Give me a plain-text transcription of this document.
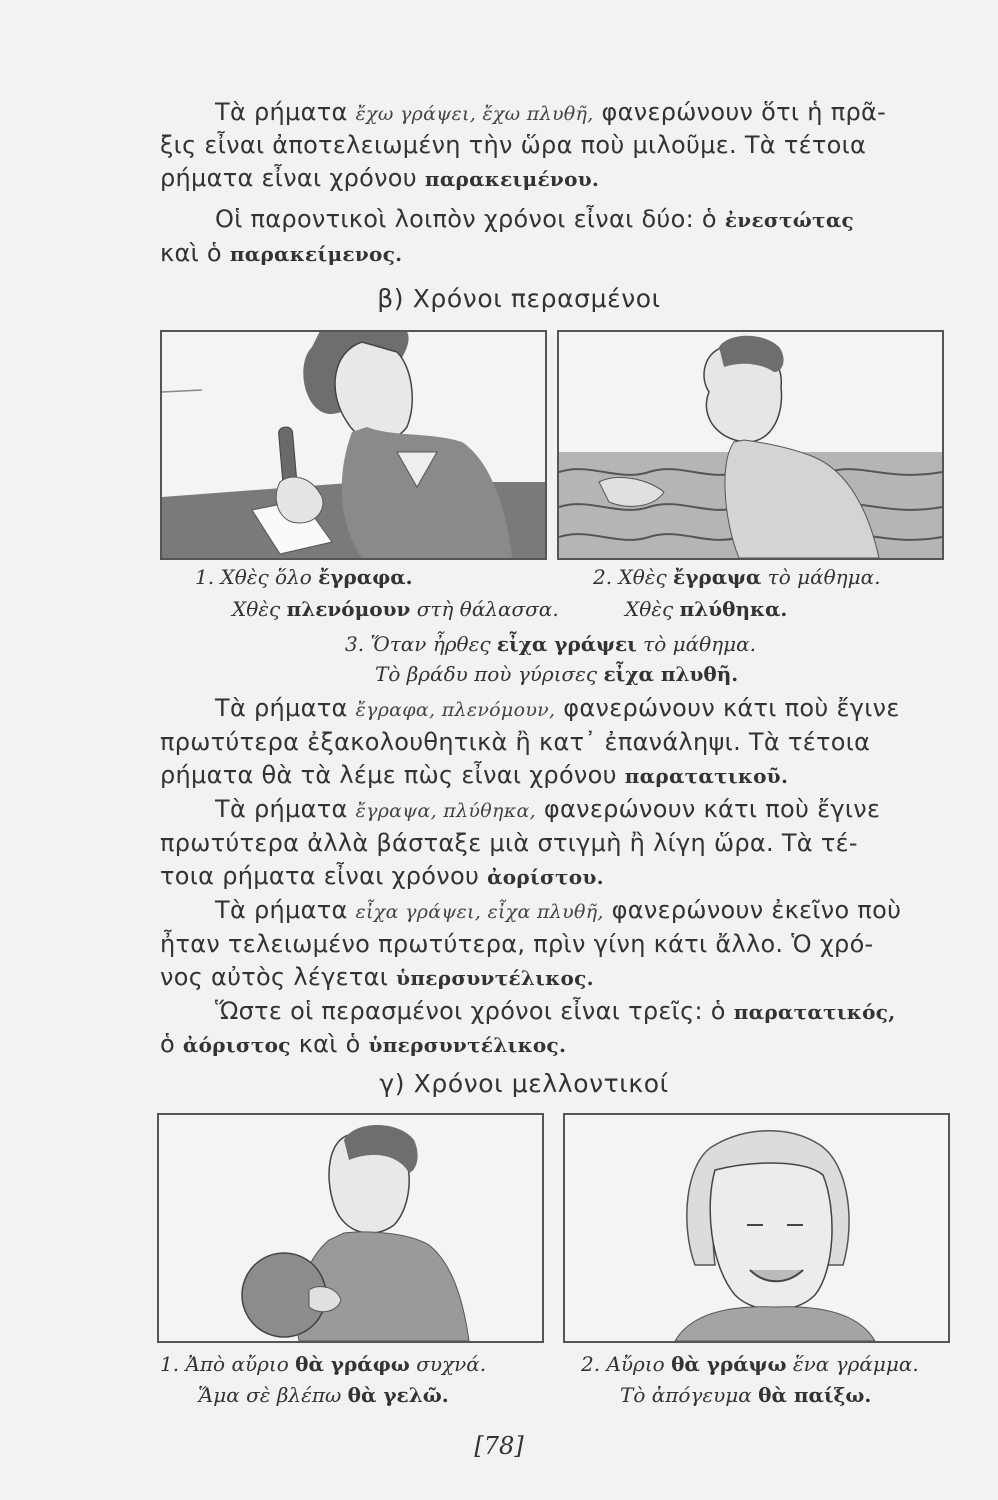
Τὰ ρήματα ἔχω γράψει, ἔχω πλυθῆ, φανερώνουν ὅτι ἡ πρᾶ-
ξις εἶναι ἀποτελειωμένη τὴν ὥρα ποὺ μιλοῦμε. Τὰ τέτοια
ρήματα εἶναι χρόνου παρακειμένου.
Οἱ παροντικοὶ λοιπὸν χρόνοι εἶναι δύο: ὁ ἐνεστώτας
καὶ ὁ παρακείμενος.
β) Χρόνοι περασμένοι
1. Χθὲς ὅλο ἔγραφα.	2. Χθὲς ἔγραψα τὸ μάθημα.
Χθὲς πλενόμουν στὴ θάλασσα.	Χθὲς πλύθηκα.
3. Ὅταν ἦρθες εἶχα γράψει τὸ μάθημα.
Τὸ βράδυ ποὺ γύρισες εἶχα πλυθῆ.
Τὰ ρήματα ἔγραφα, πλενόμουν, φανερώνουν κάτι ποὺ ἔγινε
πρωτύτερα ἐξακολουθητικὰ ἢ κατ᾿ ἐπανάληψι. Τὰ τέτοια
ρήματα θὰ τὰ λέμε πὼς εἶναι χρόνου παρατατικοῦ.
Τὰ ρήματα ἔγραψα, πλύθηκα, φανερώνουν κάτι ποὺ ἔγινε
πρωτύτερα ἀλλὰ βάσταξε μιὰ στιγμὴ ἢ λίγη ὥρα. Τὰ τέ-
τοια ρήματα εἶναι χρόνου ἀορίστου.
Τὰ ρήματα εἶχα γράψει, εἶχα πλυθῆ, φανερώνουν ἐκεῖνο ποὺ
ἦταν τελειωμένο πρωτύτερα, πρὶν γίνη κάτι ἄλλο. Ὁ χρό-
νος αὐτὸς λέγεται ὑπερσυντέλικος.
Ὥστε οἱ περασμένοι χρόνοι εἶναι τρεῖς: ὁ παρατατικός,
ὁ ἀόριστος καὶ ὁ ὑπερσυντέλικος.
γ) Χρόνοι μελλοντικοί
1. Ἀπὸ αὔριο θὰ γράφω συχνά.	2. Αὔριο θὰ γράψω ἕνα γράμμα.
Ἅμα σὲ βλέπω θὰ γελῶ.	Τὸ ἀπόγευμα θὰ παίξω.
[78]
